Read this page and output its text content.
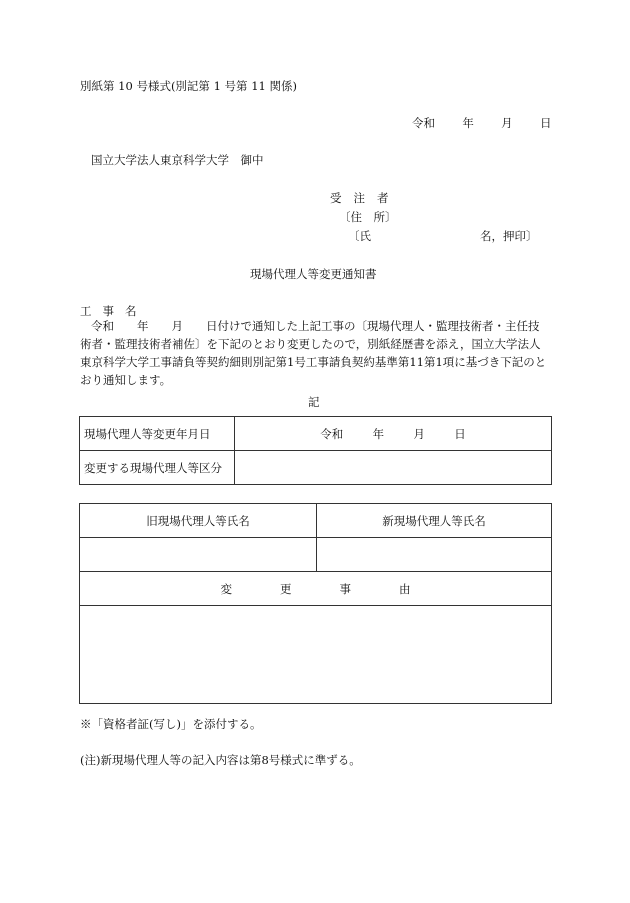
別紙第 10 号様式(別記第 1 号第 11 関係)
令和 年 月 日
国立大学法人東京科学大学　御中
受 注 者
〔住　所〕
〔氏	名，押印〕
現場代理人等変更通知書
工 事 名
令和　　年　　月　　日付けで通知した上記工事の〔現場代理人・監理技術者・主任技
術者・監理技術者補佐〕を下記のとおり変更したので，別紙経歴書を添え，国立大学法人
東京科学大学工事請負等契約細則別記第1号工事請負契約基準第11第1項に基づき下記のと
おり通知します。
記
現場代理人等変更年月日	令和 年 月 日
変更する現場代理人等区分	
旧現場代理人等氏名	新現場代理人等氏名

変 更 事 由	

※「資格者証(写し)」を添付する。
(注)新現場代理人等の記入内容は第8号様式に準ずる。
